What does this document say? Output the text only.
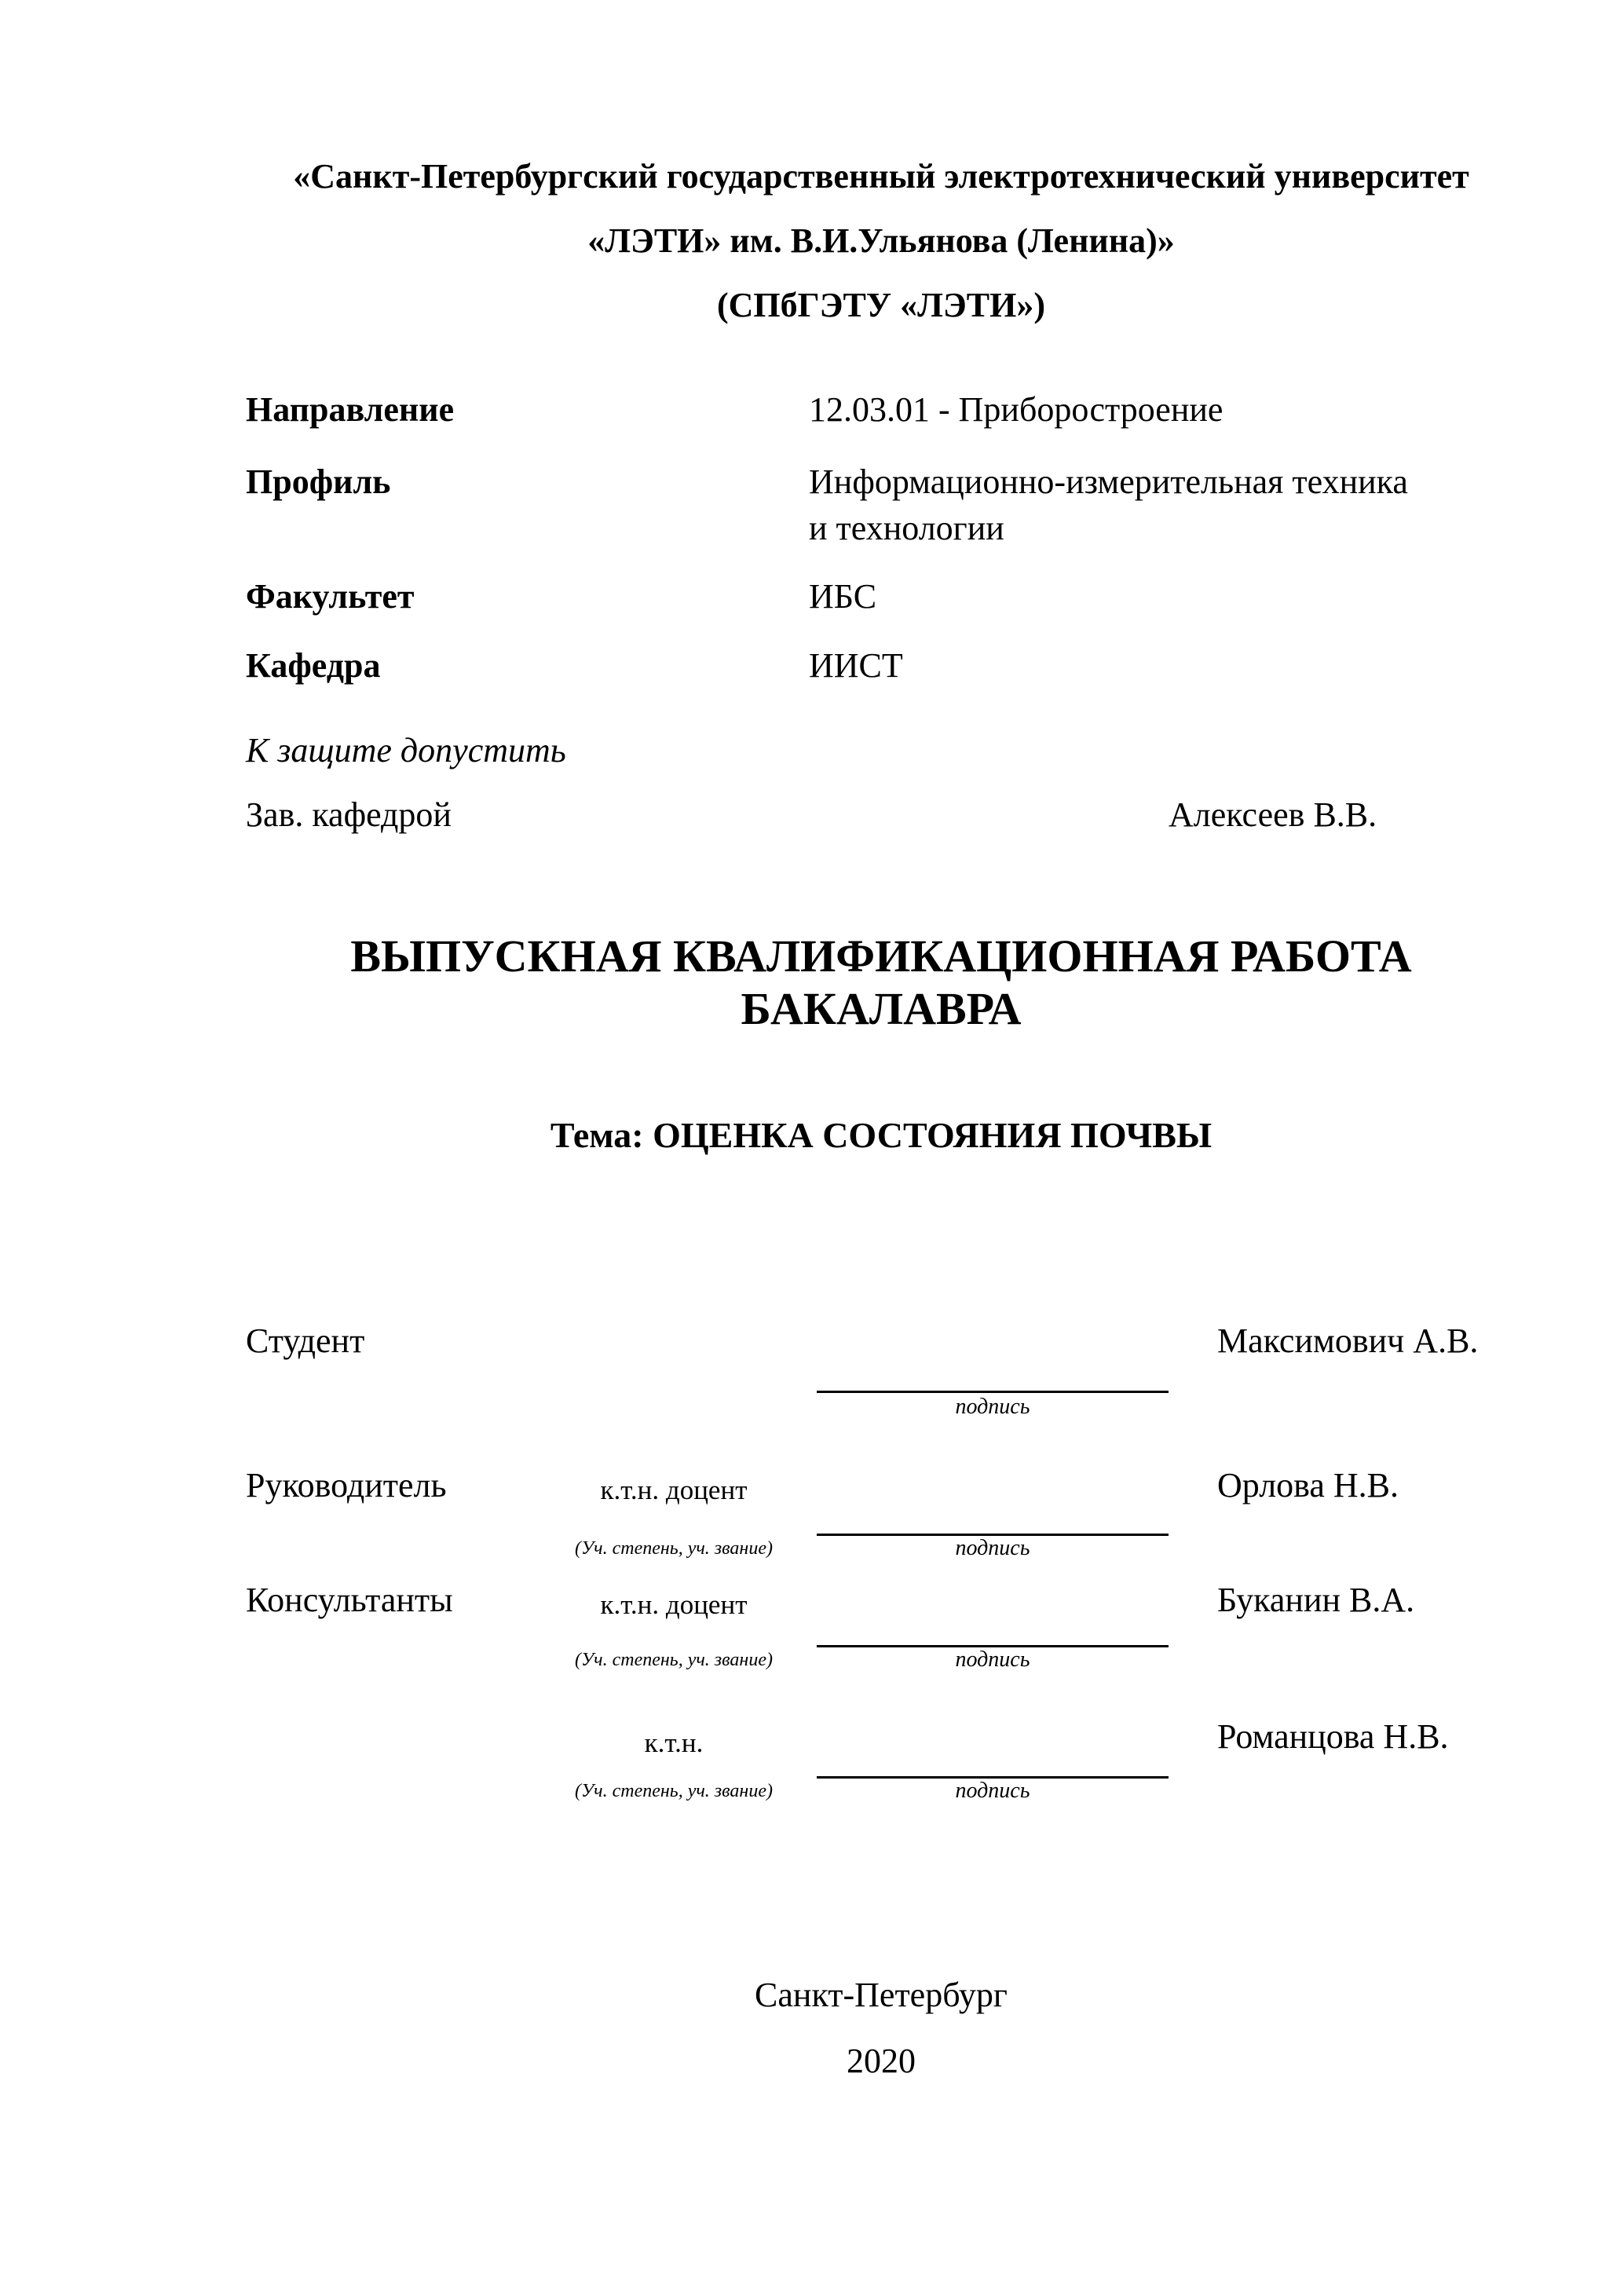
«Санкт-Петербургский государственный электротехнический университет
«ЛЭТИ» им. В.И.Ульянова (Ленина)»
(СПбГЭТУ «ЛЭТИ»)
Направление	12.03.01 - Приборостроение
Профиль	Информационно-измерительная техника
и технологии
Факультет	ИБС
Кафедра	ИИСТ
К защите допустить
Зав. кафедрой	Алексеев В.В.
ВЫПУСКНАЯ КВАЛИФИКАЦИОННАЯ РАБОТА
БАКАЛАВРА
Тема: ОЦЕНКА СОСТОЯНИЯ ПОЧВЫ
Студент	Максимович А.В.
подпись
Руководитель	к.т.н. доцент	Орлова Н.В.
(Уч. степень, уч. звание)	подпись
Консультанты	к.т.н. доцент	Буканин В.А.
(Уч. степень, уч. звание)	подпись
к.т.н.	Романцова Н.В.
(Уч. степень, уч. звание)	подпись
Санкт-Петербург
2020
